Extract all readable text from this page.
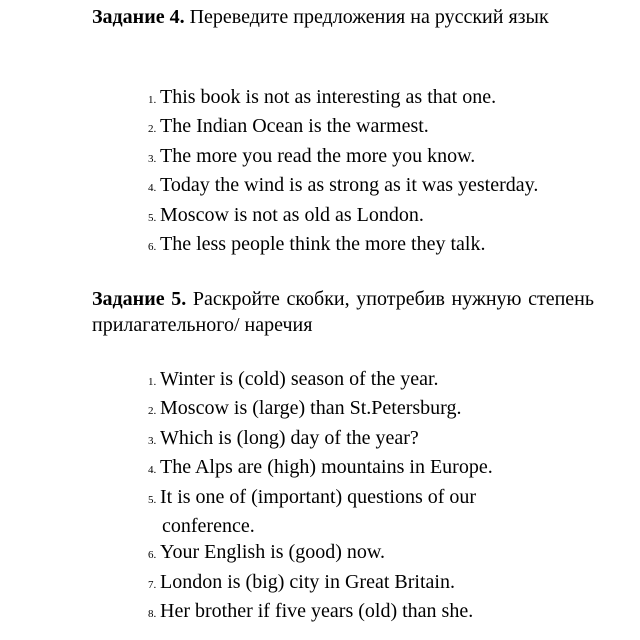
Задание 4. Переведите предложения на русский язык

1. This book is not as interesting as that one.
2. The Indian Ocean is the warmest.
3. The more you read the more you know.
4. Today the wind is as strong as it was yesterday.
5. Moscow is not as old as London.
6. The less people think the more they talk.

Задание 5. Раскройте скобки, употребив нужную степень прилагательного/ наречия

1. Winter is (cold) season of the year.
2. Moscow is (large) than St.Petersburg.
3. Which is (long) day of the year?
4. The Alps are (high) mountains in Europe.
5. It is one of (important) questions of our
conference.
6. Your English is (good) now.
7. London is (big) city in Great Britain.
8. Her brother if five years (old) than she.
